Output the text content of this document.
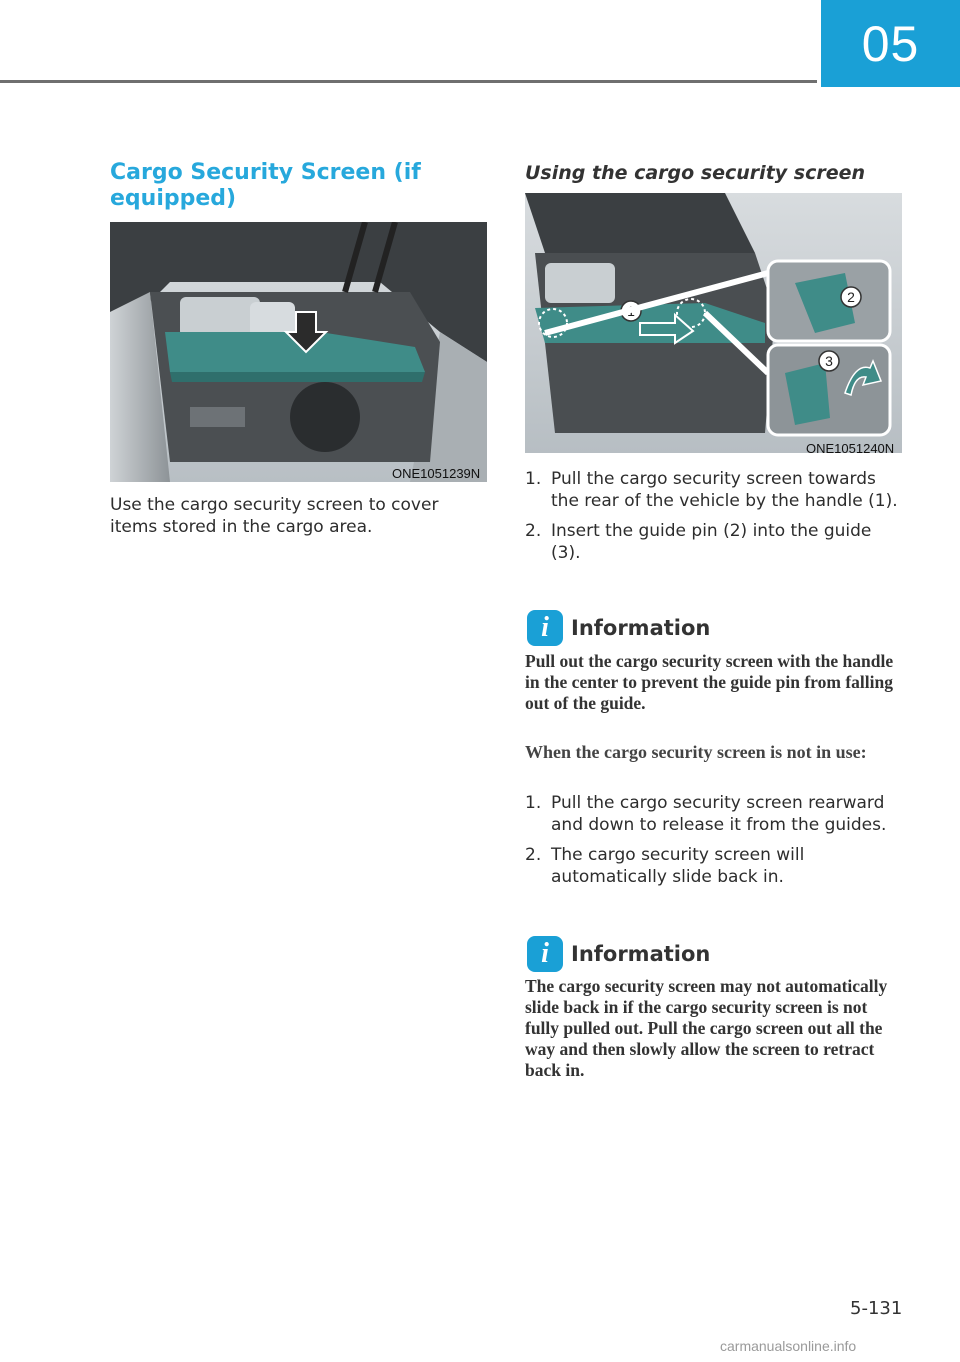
05
Cargo Security Screen (if equipped)
ONE1051239N

Use the cargo security screen to cover items stored in the cargo area.

Using the cargo security screen
2
3
ONE1051240N
1. Pull the cargo security screen towards the rear of the vehicle by the handle (1).
2. Insert the guide pin (2) into the guide (3).
i	Information

Pull out the cargo security screen with the handle in the center to prevent the guide pin from falling out of the guide.

When the cargo security screen is not in use:

1. Pull the cargo security screen rearward and down to release it from the guides.
2. The cargo security screen will automatically slide back in.
i	Information

The cargo security screen may not automatically slide back in if the cargo security screen is not fully pulled out. Pull the cargo screen out all the way and then slowly allow the screen to retract back in.

5-131
carmanualsonline.info
